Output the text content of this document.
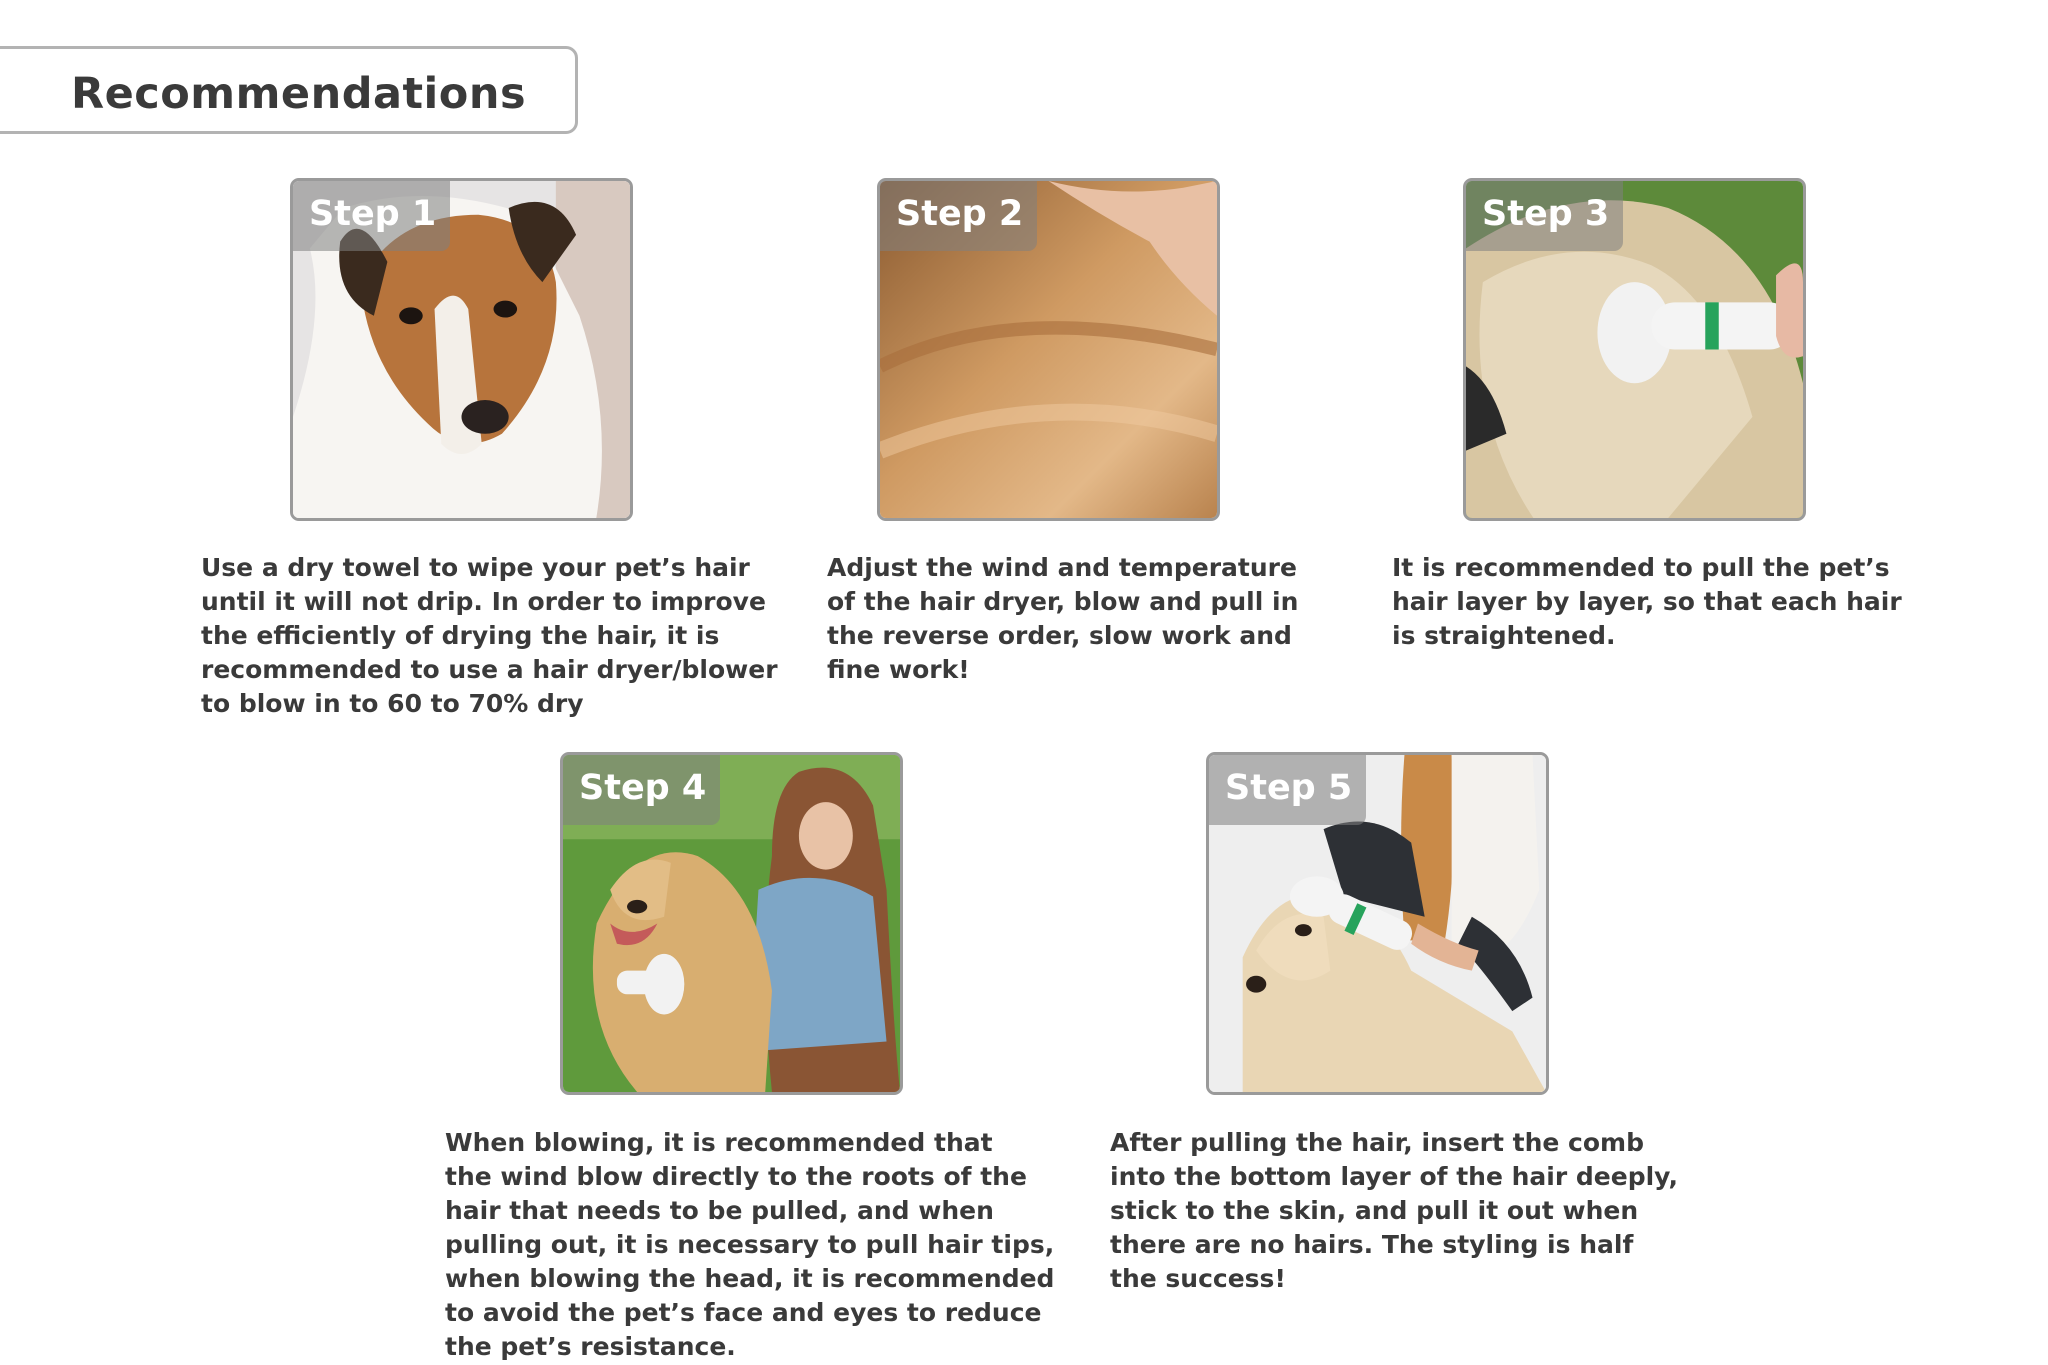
Recommendations
Step 1
Use a dry towel to wipe your pet’s hair
until it will not drip. In order to improve
the efficiently of drying the hair, it is
recommended to use a hair dryer/blower
to blow in to 60 to 70% dry
Step 2
Adjust the wind and temperature
of the hair dryer, blow and pull in
the reverse order, slow work and
fine work!
Step 3
It is recommended to pull the pet’s
hair layer by layer, so that each hair
is straightened.
Step 4
When blowing, it is recommended that
the wind blow directly to the roots of the
hair that needs to be pulled, and when
pulling out, it is necessary to pull hair tips,
when blowing the head, it is recommended
to avoid the pet’s face and eyes to reduce
the pet’s resistance.
Step 5
After pulling the hair, insert the comb
into the bottom layer of the hair deeply,
stick to the skin, and pull it out when
there are no hairs. The styling is half
the success!
